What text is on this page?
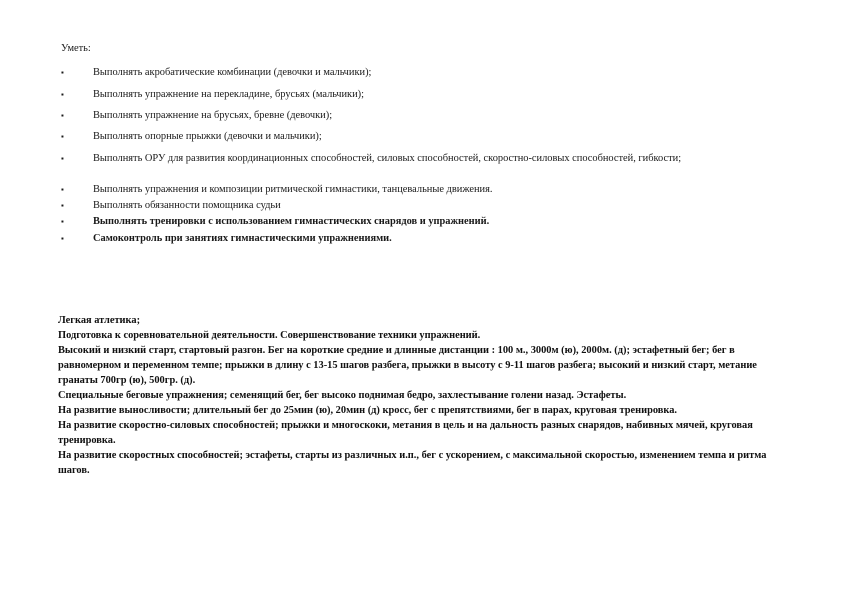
Уметь:
▪	Выполнять акробатические комбинации (девочки и мальчики);
▪	Выполнять упражнение на перекладине, брусьях (мальчики);
▪	Выполнять упражнение на брусьях, бревне (девочки);
▪	Выполнять опорные прыжки (девочки и мальчики);
▪	Выполнять ОРУ для развития координационных способностей, силовых способностей, скоростно-силовых способностей, гибкости;
▪	Выполнять упражнения и композиции ритмической гимнастики, танцевальные движения.
▪	Выполнять обязанности помощника судьи
▪	Выполнять тренировки с использованием гимнастических снарядов и упражнений.
▪	Самоконтроль при занятиях гимнастическими упражнениями.

Легкая атлетика;

Подготовка к соревновательной деятельности. Совершенствование техники упражнений.

Высокий и низкий старт, стартовый разгон. Бег на короткие средние и длинные дистанции : 100 м., 3000м (ю), 2000м. (д); эстафетный бег; бег в равномерном и переменном темпе; прыжки в длину с 13-15 шагов разбега, прыжки в высоту с 9-11 шагов разбега; высокий и низкий старт, метание гранаты 700гр (ю), 500гр. (д).

Специальные беговые упражнения; семенящий бег, бег высоко поднимая бедро, захлестывание голени назад. Эстафеты.

На развитие выносливости; длительный бег до 25мин (ю), 20мин (д) кросс, бег с препятствиями, бег в парах, круговая тренировка.

На развитие скоростно-силовых способностей; прыжки и многоскоки, метания в цель и на дальность разных снарядов, набивных мячей, круговая тренировка.

На развитие скоростных способностей; эстафеты, старты из различных и.п., бег с ускорением, с максимальной скоростью, изменением темпа и ритма шагов.
